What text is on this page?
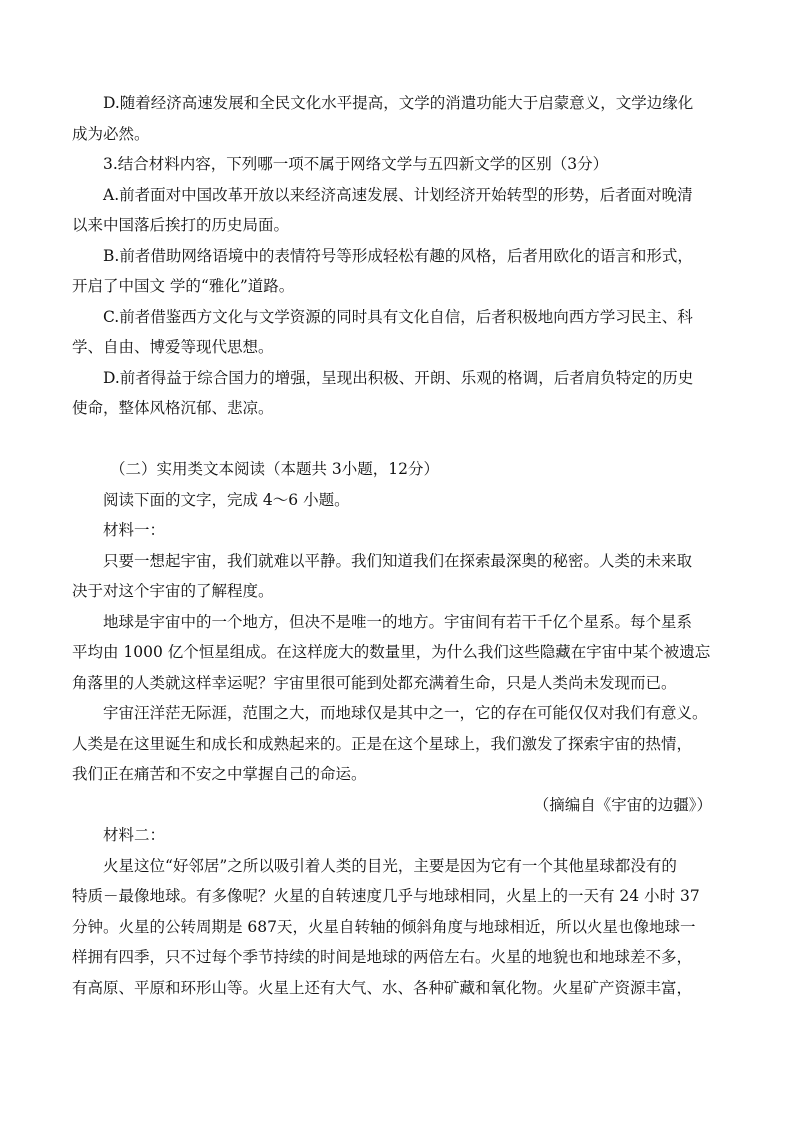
D.随着经济高速发展和全民文化水平提高，文学的消遣功能大于启蒙意义，文学边缘化
成为必然。
3.结合材料内容，下列哪一项不属于网络文学与五四新文学的区别（3分）
A.前者面对中国改革开放以来经济高速发展、计划经济开始转型的形势，后者面对晚清
以来中国落后挨打的历史局面。
B.前者借助网络语境中的表情符号等形成轻松有趣的风格，后者用欧化的语言和形式，
开启了中国文 学的“雅化”道路。
C.前者借鉴西方文化与文学资源的同时具有文化自信，后者积极地向西方学习民主、科
学、自由、博爱等现代思想。
D.前者得益于综合国力的增强，呈现出积极、开朗、乐观的格调，后者肩负特定的历史
使命，整体风格沉郁、悲凉。
（二）实用类文本阅读（本题共 3小题，12分）
阅读下面的文字，完成 4～6 小题。
材料一：
只要一想起宇宙，我们就难以平静。我们知道我们在探索最深奥的秘密。人类的未来取
决于对这个宇宙的了解程度。
地球是宇宙中的一个地方，但决不是唯一的地方。宇宙间有若干千亿个星系。每个星系
平均由 1000 亿个恒星组成。在这样庞大的数量里，为什么我们这些隐藏在宇宙中某个被遗忘
角落里的人类就这样幸运呢？宇宙里很可能到处都充满着生命，只是人类尚未发现而已。
宇宙汪洋茫无际涯，范围之大，而地球仅是其中之一，它的存在可能仅仅对我们有意义。
人类是在这里诞生和成长和成熟起来的。正是在这个星球上，我们激发了探索宇宙的热情，
我们正在痛苦和不安之中掌握自己的命运。
（摘编自《宇宙的边疆》）
材料二：
火星这位“好邻居”之所以吸引着人类的目光，主要是因为它有一个其他星球都没有的
特质－最像地球。有多像呢？火星的自转速度几乎与地球相同，火星上的一天有 24 小时 37
分钟。火星的公转周期是 687天，火星自转轴的倾斜角度与地球相近，所以火星也像地球一
样拥有四季，只不过每个季节持续的时间是地球的两倍左右。火星的地貌也和地球差不多，
有高原、平原和环形山等。火星上还有大气、水、各种矿藏和氧化物。火星矿产资源丰富，
